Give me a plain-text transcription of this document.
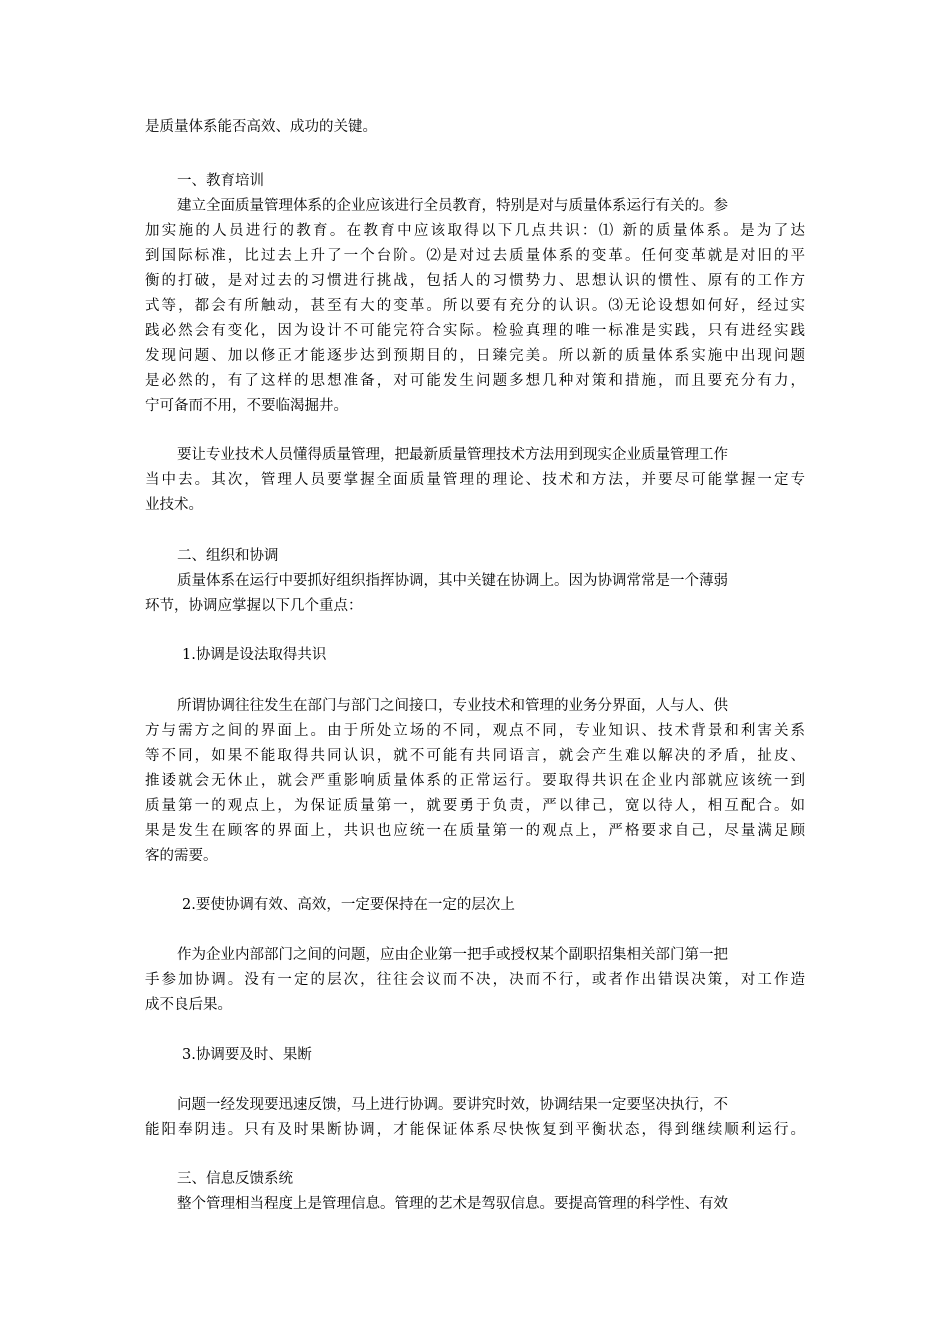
是质量体系能否高效、成功的关键。
一、教育培训
建立全面质量管理体系的企业应该进行全员教育，特别是对与质量体系运行有关的。参
加实施的人员进行的教育。在教育中应该取得以下几点共识：⑴ 新的质量体系。是为了达
到国际标准，比过去上升了一个台阶。⑵是对过去质量体系的变革。任何变革就是对旧的平
衡的打破，是对过去的习惯进行挑战，包括人的习惯势力、思想认识的惯性、原有的工作方
式等，都会有所触动，甚至有大的变革。所以要有充分的认识。⑶无论设想如何好，经过实
践必然会有变化，因为设计不可能完符合实际。检验真理的唯一标准是实践，只有进经实践
发现问题、加以修正才能逐步达到预期目的，日臻完美。所以新的质量体系实施中出现问题
是必然的，有了这样的思想准备，对可能发生问题多想几种对策和措施，而且要充分有力，
宁可备而不用，不要临渴掘井。
要让专业技术人员懂得质量管理，把最新质量管理技术方法用到现实企业质量管理工作
当中去。其次，管理人员要掌握全面质量管理的理论、技术和方法，并要尽可能掌握一定专
业技术。
二、组织和协调
质量体系在运行中要抓好组织指挥协调，其中关键在协调上。因为协调常常是一个薄弱
环节，协调应掌握以下几个重点：
1.协调是设法取得共识
所谓协调往往发生在部门与部门之间接口，专业技术和管理的业务分界面，人与人、供
方与需方之间的界面上。由于所处立场的不同，观点不同，专业知识、技术背景和利害关系
等不同，如果不能取得共同认识，就不可能有共同语言，就会产生难以解决的矛盾，扯皮、
推诿就会无休止，就会严重影响质量体系的正常运行。要取得共识在企业内部就应该统一到
质量第一的观点上，为保证质量第一，就要勇于负责，严以律己，宽以待人，相互配合。如
果是发生在顾客的界面上，共识也应统一在质量第一的观点上，严格要求自己，尽量满足顾
客的需要。
2.要使协调有效、高效，一定要保持在一定的层次上
作为企业内部部门之间的问题，应由企业第一把手或授权某个副职招集相关部门第一把
手参加协调。没有一定的层次，往往会议而不决，决而不行，或者作出错误决策，对工作造
成不良后果。
3.协调要及时、果断
问题一经发现要迅速反馈，马上进行协调。要讲究时效，协调结果一定要坚决执行，不
能阳奉阴违。只有及时果断协调，才能保证体系尽快恢复到平衡状态，得到继续顺利运行。
三、信息反馈系统
整个管理相当程度上是管理信息。管理的艺术是驾驭信息。要提高管理的科学性、有效
